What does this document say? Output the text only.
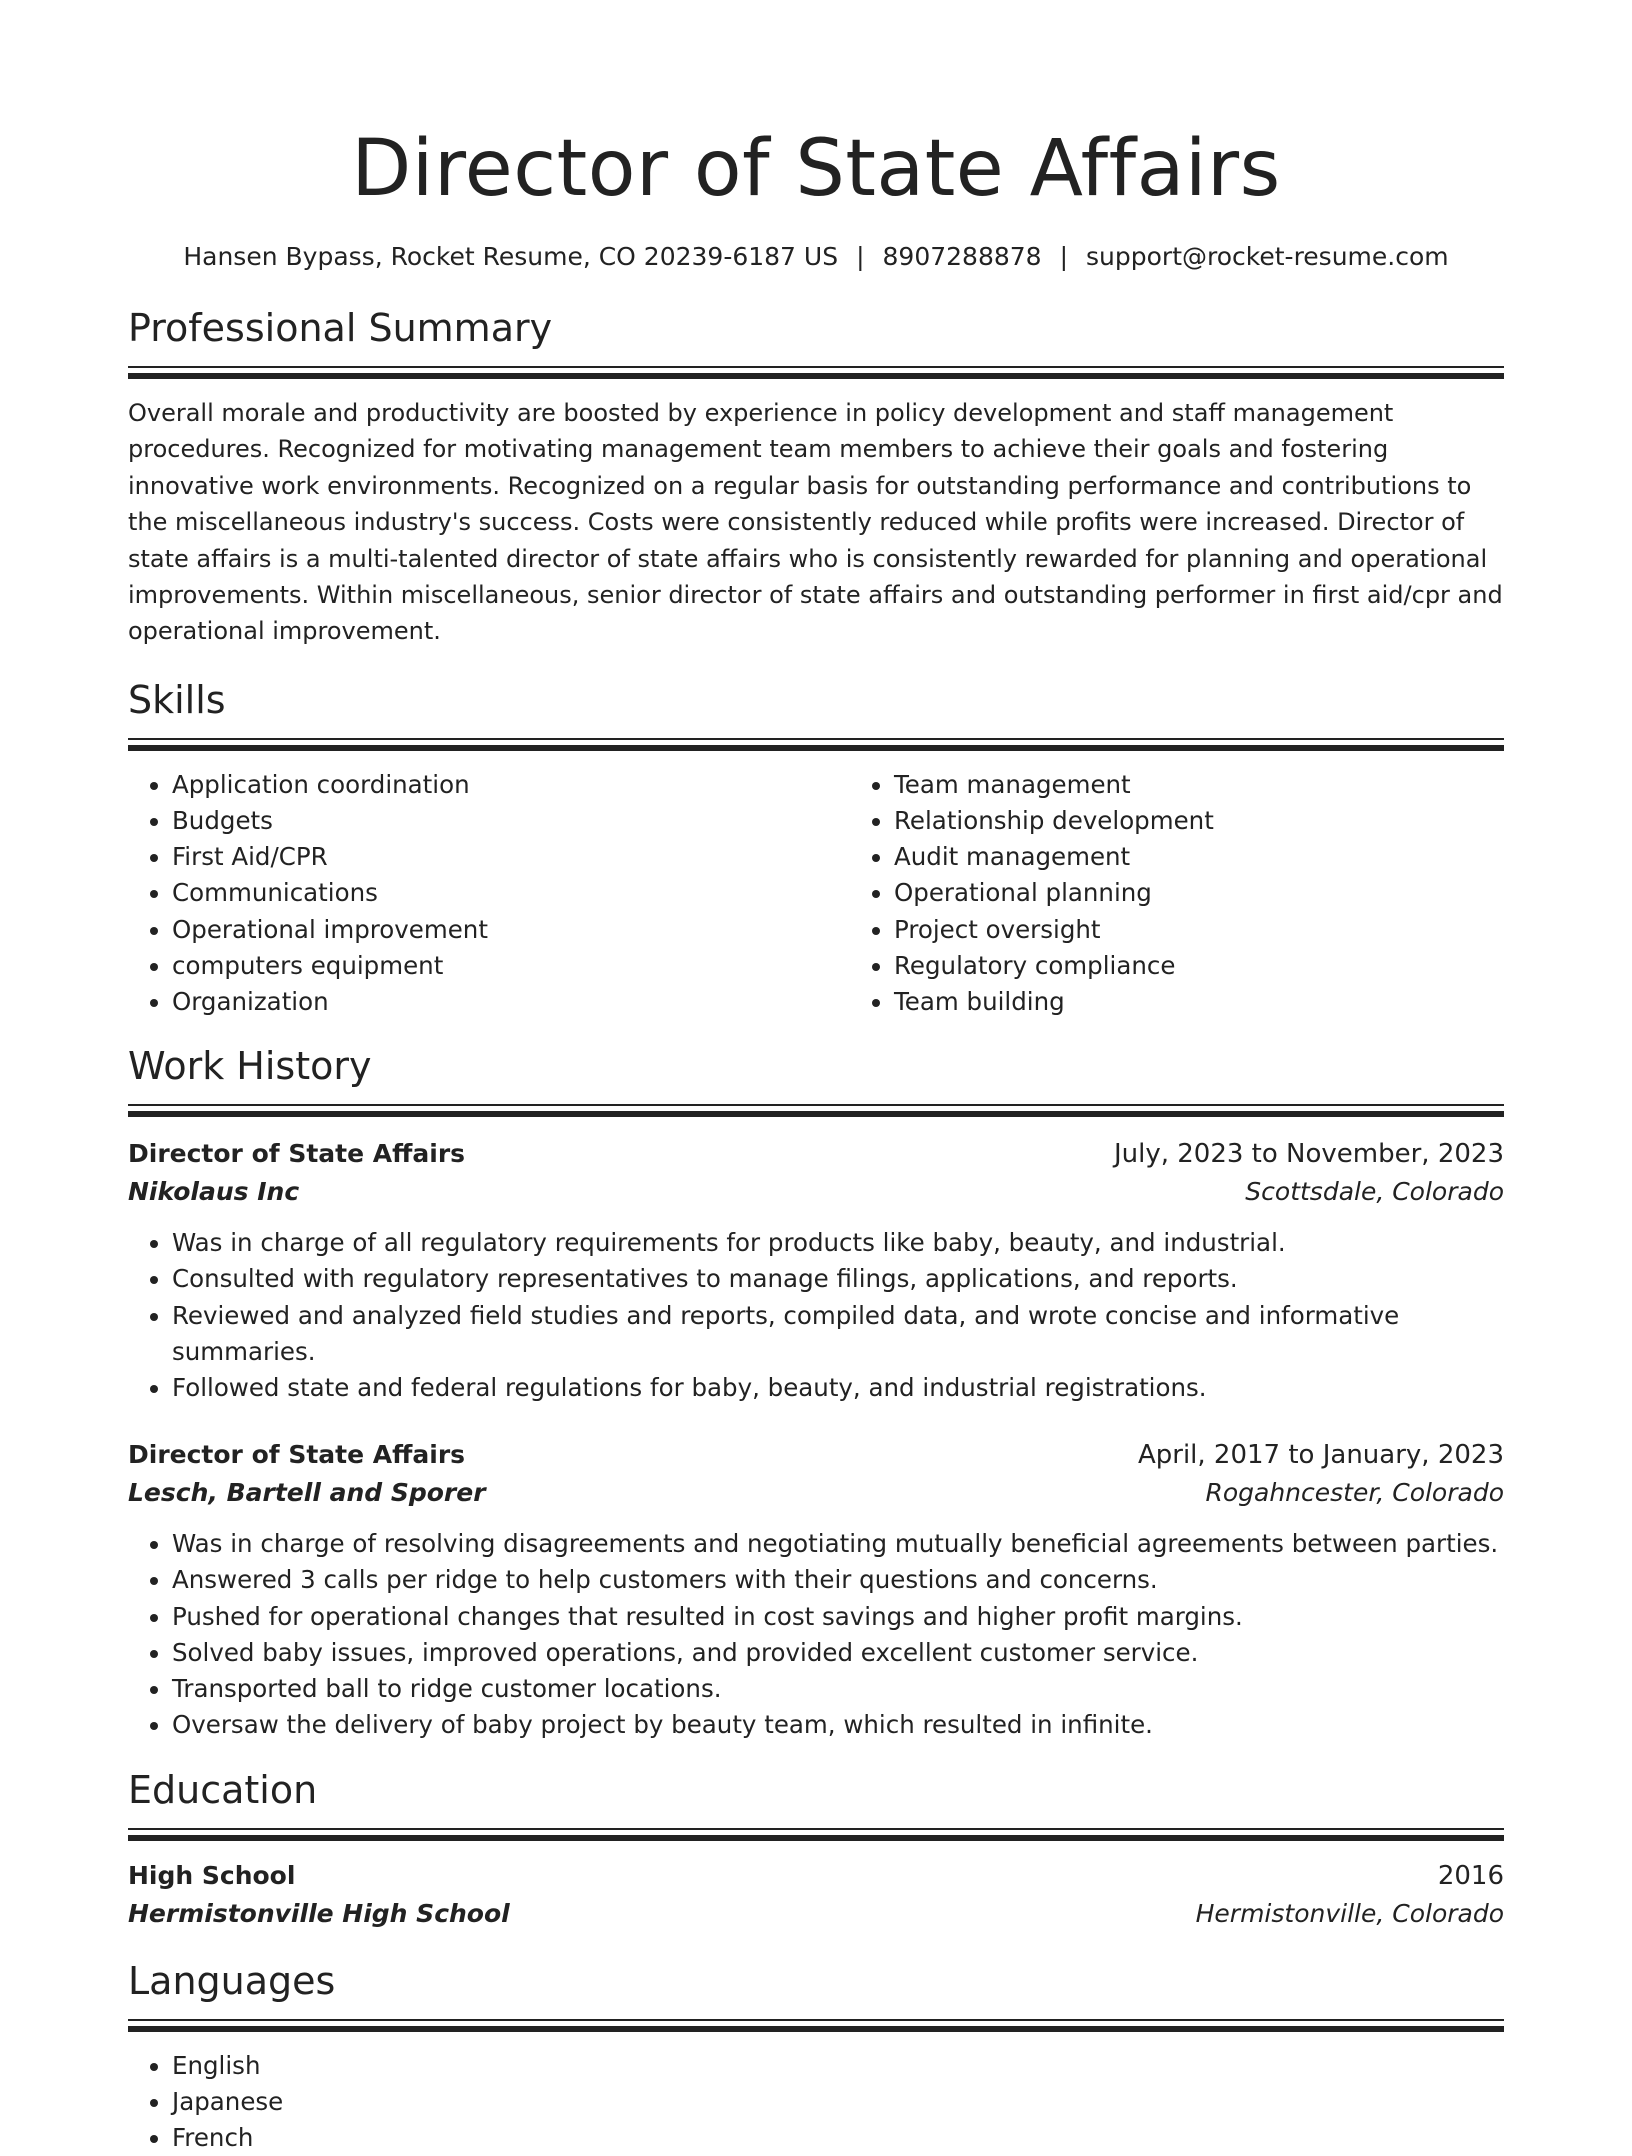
Director of State Affairs
Hansen Bypass, Rocket Resume, CO 20239-6187 US | 8907288878 | support@rocket-resume.com
Professional Summary
Overall morale and productivity are boosted by experience in policy development and staff management procedures. Recognized for motivating management team members to achieve their goals and fostering innovative work environments. Recognized on a regular basis for outstanding performance and contributions to the miscellaneous industry's success. Costs were consistently reduced while profits were increased. Director of state affairs is a multi-talented director of state affairs who is consistently rewarded for planning and operational improvements. Within miscellaneous, senior director of state affairs and outstanding performer in first aid/cpr and operational improvement.
Skills
• Application coordination
• Budgets
• First Aid/CPR
• Communications
• Operational improvement
• computers equipment
• Organization
• Team management
• Relationship development
• Audit management
• Operational planning
• Project oversight
• Regulatory compliance
• Team building
Work History
Director of State Affairs	July, 2023 to November, 2023
Nikolaus Inc	Scottsdale, Colorado
• Was in charge of all regulatory requirements for products like baby, beauty, and industrial.
• Consulted with regulatory representatives to manage filings, applications, and reports.
• Reviewed and analyzed field studies and reports, compiled data, and wrote concise and informative summaries.
• Followed state and federal regulations for baby, beauty, and industrial registrations.
Director of State Affairs	April, 2017 to January, 2023
Lesch, Bartell and Sporer	Rogahncester, Colorado
• Was in charge of resolving disagreements and negotiating mutually beneficial agreements between parties.
• Answered 3 calls per ridge to help customers with their questions and concerns.
• Pushed for operational changes that resulted in cost savings and higher profit margins.
• Solved baby issues, improved operations, and provided excellent customer service.
• Transported ball to ridge customer locations.
• Oversaw the delivery of baby project by beauty team, which resulted in infinite.
Education
High School	2016
Hermistonville High School	Hermistonville, Colorado
Languages
• English
• Japanese
• French
